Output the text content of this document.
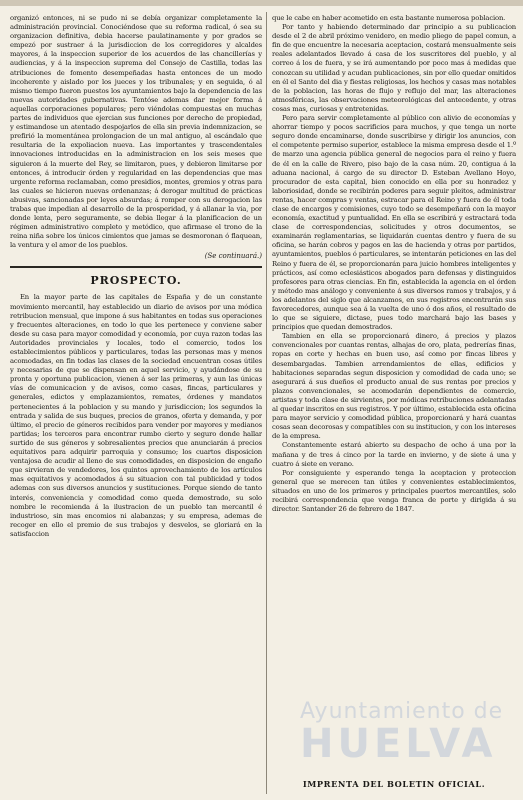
organizó entonces, ni se pudo ni se debía organizar completamente la administración provincial. Conociéndose que su reforma radical, ó sea su organizacion definitiva, debia hacerse paulatinamente y por grados se empezó por sustraer á la jurisdiccion de los corregidores y alcaldes mayores, á la inspeccion superior de los acuerdos de las chancillerías y audiencias, y á la inspeccion suprema del Consejo de Castilla, todas las atribuciones de fomento desempeñadas hasta entonces de un modo incoherente y aislado por los jueces y los tribunales; y en seguida, ó al mismo tiempo fueron puestos los ayuntamientos bajo la dependencia de las nuevas autoridades gubernativas. Tentóse ademas dar mejor forma á aquellas corporaciones populares; pero viéndolas compuestas en muchas partes de individuos que ejercian sus funciones por derecho de propiedad, y estimandose un atentado despojarlos de ella sin previa indemnizacion, se prefirió la momentánea prolongacion de un mal antiguo, al escándalo que resultaria de la expoliacion nueva. Las importantes y trascendentales innovaciones introducidas en la administracion en los seis meses que siguieron á la muerte del Rey, se limitaron, pues, y debieron limitarse por entonces, á introducir órden y regularidad en las dependencias que mas urgente reforma reclamaban, como presidios, montes, gremios y otras para las cuales se hicieron nuevas ordenanzas; á derogar multitud de prácticas abusivas, sancionadas por leyes absurdas; á romper con su derogacion las trabas que impedian al desarrollo de la prosperidad, y á allanar la via, por donde lenta, pero seguramente, se debia llegar á la planificacion de un régimen administrativo completo y metódico, que afirmase el trono de la reina niña sobre los únicos cimientos que jamas se desmoronan ó flaquean, la ventura y el amor de los pueblos.

(Se continuará.)

PROSPECTO.

En la mayor parte de las capitales de España y de un constante movimiento mercantil, hay establecido un diario de avisos por una módica retribucion mensual, que impone á sus habitantes en todas sus operaciones y frecuentes alteraciones, en todo lo que les pertenece y conviene saber desde su casa para mayor comodidad y economía, por cuya razon todas las Autoridades provinciales y locales, todo el comercio, todos los establecimientos públicos y particulares, todas las personas mas y menos acomodadas, en fin todas las clases de la sociedad encuentran cosas útiles y necesarias de que se dispensan en aquel servicio, y ayudándose de su pronta y oportuna publicacion, vienen á ser las primeras, y aun las únicas vías de comunicacion y de avisos, como casas, fincas, particulares y generales, edictos y emplazamientos, remates, órdenes y mandatos pertenecientes á la poblacion y su mando y jurisdiccion; los segundos la entrada y salida de sus buques, precios de granos, oferta y demanda, y por último, el precio de géneros recibidos para vender por mayores y medianos partidas; los terceros para encontrar rumbo cierto y seguro donde hallar surtido de sus géneros y sobresalientes precios que anunciarán á precios equitativos para adquirir parroquia y consumo; los cuartos disposicion ventajosa de acudir al lleno de sus comodidades, en disposicion de engaño que sirvieran de vendedores, los quintos aprovechamiento de los artículos mas equitativos y acomodados á su situacion con tal publicidad y todos ademas con sus diversos anuncios y sustituciones. Porque siendo de tanto interés, conveniencia y comodidad como queda demostrado, su solo nombre le recomienda á la ilustracion de un pueblo tan mercantil é industrioso, sin mas encomios ni alabanzas; y su empresa, ademas de recoger en ello el premio de sus trabajos y desvelos, se gloriará en la satisfaccion

que le cabe en haber acometido en esta bastante numerosa poblacion.

Por tanto y habiendo determinado dar principio a su publicacion desde el 2 de abril próximo venidero, en medio pliego de papel comun, a fin de que encuentre la necesaria aceptacion, costará mensualmente seis reales adelantados llevado á casa de los suscritores del pueblo, y al correo á los de fuera, y se irá aumentando por poco mas á medidas que conozcan su utilidad y acudan publicaciones, sin por ello quedar omitidos en él el Santo del dia y fiestas religiosas, los hechos y casas mas notables de la poblacion, las horas de flujo y reflujo del mar, las alteraciones atmosféricas, las observaciones meteorológicas del antecedente, y otras cosas mas, curiosas y entretenidas.

Pero para servir completamente al público con alivio de economías y ahorrar tiempo y pocos sacrificios para muchos, y que tenga un norte seguro donde encaminarse, donde suscribirse y dirigir los anuncios, con el competente permiso superior, establece la misma empresa desde el 1.º de marzo una agencia pública general de negocios para el reino y fuera de él en la calle de Rivero, piso bajo de la casa núm. 20, contigua á la aduana nacional, á cargo de su director D. Esteban Avellano Hoyo, procurador de esta capital, bien conocido en ella por su honradez y laboriosidad, donde se recibirán poderes para seguir pleitos, administrar rentas, hacer compras y ventas, estracar para el Reino y fuera de él toda clase de encargos y comisiones, cuyo todo se desempeñará con la mayor economía, exactitud y puntualidad. En ella se escribirá y estractará toda clase de correspondencias, solicitudes y otros documentos, se examinarán reglamentarias, se liquidarán cuentas dentro y fuera de su oficina, se harán cobros y pagos en las de hacienda y otras por partidos, ayuntamientos, pueblos ó particulares, se intentarán peticiones en las del Reino y fuera de él, se proporcionarán para juicio hombres inteligentes y prácticos, así como eclesiásticos abogados para defensas y distinguidos profesores para otras ciencias. En fin, establecida la agencia en el órden y método mas análogo y conveniente á sus diversos ramos y trabajos, y á los adelantos del siglo que alcanzamos, en sus registros encontrarán sus favorecedores, aunque sea á la vuelta de uno ó dos años, el resultado de lo que se siguiere, dictase, pues todo marchará bajo las bases y principios que quedan demostrados.

Tambien en ella se proporcionará dinero, á precios y plazos convencionales por cuantas rentas, alhajas de oro, plata, pedrerías finas, ropas en corte y hechas en buen uso, así como por fincas libres y desembargadas. Tambien arrendamientos de ellas, edificios y habitaciones separadas segun disposicion y comodidad de cada uno; se asegurará á sus dueños el producto anual de sus rentas por precios y plazos convencionales, se acomodarán dependientes de comercio, artistas y toda clase de sirvientes, por módicas retribuciones adelantadas al quedar inscritos en sus registros. Y por último, establecida esta oficina para mayor servicio y comodidad pública, proporcionará y hará cuantas cosas sean decorosas y compatibles con su institucion, y con los intereses de la empresa.

Constantemente estará abierto su despacho de ocho á una por la mañana y de tres á cinco por la tarde en invierno, y de siete á una y cuatro á siete en verano.

Por consiguiente y esperando tenga la aceptacion y proteccion general que se merecen tan útiles y convenientes establecimientos, situados en uno de los primeros y principales puertos mercantiles, solo recibirá correspondencia que venga franca de porte y dirigida á su director. Santander 26 de febrero de 1847.

IMPRENTA DEL BOLETIN OFICIAL.
Ayuntamiento de
HUELVA
